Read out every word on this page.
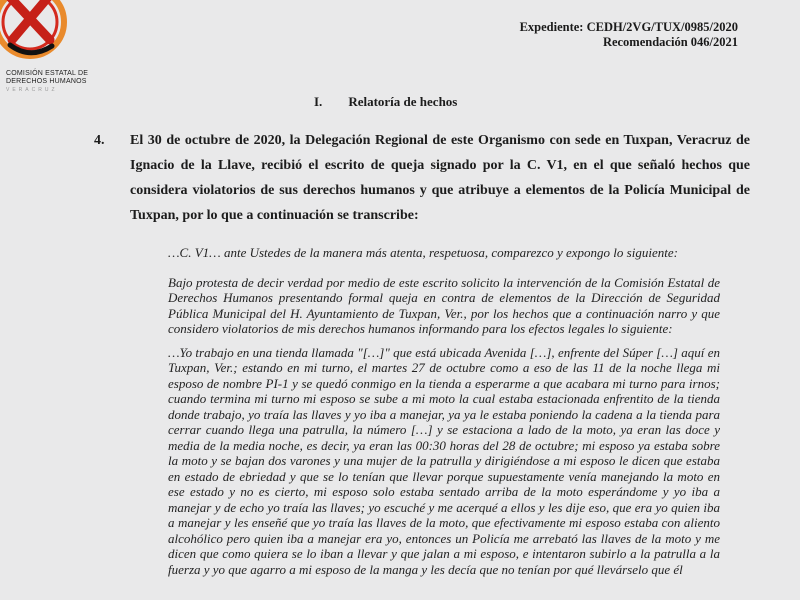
COMISIÓN ESTATAL DE
DERECHOS HUMANOS
VERACRUZ
Expediente: CEDH/2VG/TUX/0985/2020
Recomendación 046/2021
I. Relatoría de hechos
4. El 30 de octubre de 2020, la Delegación Regional de este Organismo con sede en Tuxpan, Veracruz de Ignacio de la Llave, recibió el escrito de queja signado por la C. V1, en el que señaló hechos que considera violatorios de sus derechos humanos y que atribuye a elementos de la Policía Municipal de Tuxpan, por lo que a continuación se transcribe:

…C. V1… ante Ustedes de la manera más atenta, respetuosa, comparezco y expongo lo siguiente:

Bajo protesta de decir verdad por medio de este escrito solicito la intervención de la Comisión Estatal de Derechos Humanos presentando formal queja en contra de elementos de la Dirección de Seguridad Pública Municipal del H. Ayuntamiento de Tuxpan, Ver., por los hechos que a continuación narro y que considero violatorios de mis derechos humanos informando para los efectos legales lo siguiente:

…Yo trabajo en una tienda llamada "[…]" que está ubicada Avenida […], enfrente del Súper […] aquí en Tuxpan, Ver.; estando en mi turno, el martes 27 de octubre como a eso de las 11 de la noche llega mi esposo de nombre PI-1 y se quedó conmigo en la tienda a esperarme a que acabara mi turno para irnos; cuando termina mi turno mi esposo se sube a mi moto la cual estaba estacionada enfrentito de la tienda donde trabajo, yo traía las llaves y yo iba a manejar, ya ya le estaba poniendo la cadena a la tienda para cerrar cuando llega una patrulla, la número […] y se estaciona a lado de la moto, ya eran las doce y media de la media noche, es decir, ya eran las 00:30 horas del 28 de octubre; mi esposo ya estaba sobre la moto y se bajan dos varones y una mujer de la patrulla y dirigiéndose a mi esposo le dicen que estaba en estado de ebriedad y que se lo tenían que llevar porque supuestamente venía manejando la moto en ese estado y no es cierto, mi esposo solo estaba sentado arriba de la moto esperándome y yo iba a manejar y de echo yo traía las llaves; yo escuché y me acerqué a ellos y les dije eso, que era yo quien iba a manejar y les enseñé que yo traía las llaves de la moto, que efectivamente mi esposo estaba con aliento alcohólico pero quien iba a manejar era yo, entonces un Policía me arrebató las llaves de la moto y me dicen que como quiera se lo iban a llevar y que jalan a mi esposo, e intentaron subirlo a la patrulla a la fuerza y yo que agarro a mi esposo de la manga y les decía que no tenían por qué llevárselo que él
